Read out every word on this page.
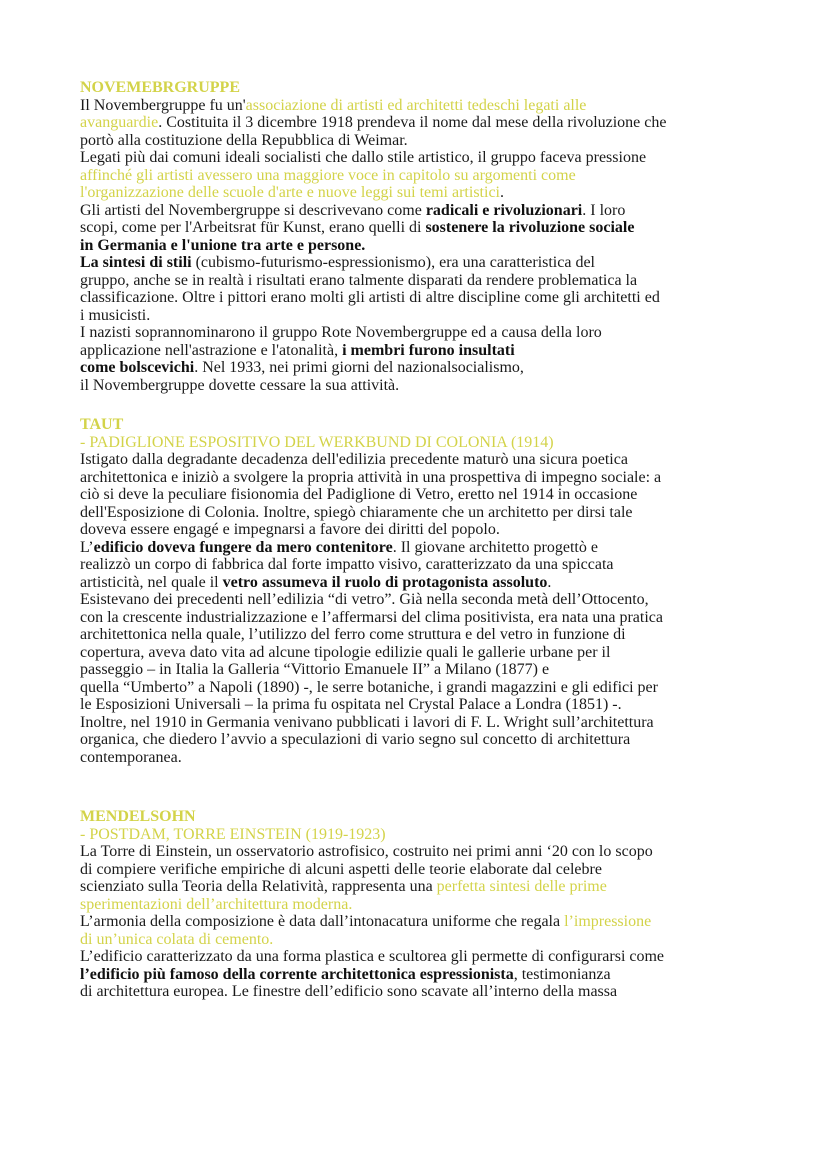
NOVEMEBRGRUPPE
Il Novembergruppe fu un'associazione di artisti ed architetti tedeschi legati alle
avanguardie. Costituita il 3 dicembre 1918 prendeva il nome dal mese della rivoluzione che
portò alla costituzione della Repubblica di Weimar.
Legati più dai comuni ideali socialisti che dallo stile artistico, il gruppo faceva pressione
affinché gli artisti avessero una maggiore voce in capitolo su argomenti come
l'organizzazione delle scuole d'arte e nuove leggi sui temi artistici.
Gli artisti del Novembergruppe si descrivevano come radicali e rivoluzionari. I loro
scopi, come per l'Arbeitsrat für Kunst, erano quelli di sostenere la rivoluzione sociale
in Germania e l'unione tra arte e persone.
La sintesi di stili (cubismo-futurismo-espressionismo), era una caratteristica del
gruppo, anche se in realtà i risultati erano talmente disparati da rendere problematica la
classificazione. Oltre i pittori erano molti gli artisti di altre discipline come gli architetti ed
i musicisti.
I nazisti soprannominarono il gruppo Rote Novembergruppe ed a causa della loro
applicazione nell'astrazione e l'atonalità, i membri furono insultati
come bolscevichi. Nel 1933, nei primi giorni del nazionalsocialismo,
il Novembergruppe dovette cessare la sua attività.
TAUT
- PADIGLIONE ESPOSITIVO DEL WERKBUND DI COLONIA (1914)
Istigato dalla degradante decadenza dell'edilizia precedente maturò una sicura poetica
architettonica e iniziò a svolgere la propria attività in una prospettiva di impegno sociale: a
ciò si deve la peculiare fisionomia del Padiglione di Vetro, eretto nel 1914 in occasione
dell'Esposizione di Colonia. Inoltre, spiegò chiaramente che un architetto per dirsi tale
doveva essere engagé e impegnarsi a favore dei diritti del popolo.
L’edificio doveva fungere da mero contenitore. Il giovane architetto progettò e
realizzò un corpo di fabbrica dal forte impatto visivo, caratterizzato da una spiccata
artisticità, nel quale il vetro assumeva il ruolo di protagonista assoluto.
Esistevano dei precedenti nell’edilizia “di vetro”. Già nella seconda metà dell’Ottocento,
con la crescente industrializzazione e l’affermarsi del clima positivista, era nata una pratica
architettonica nella quale, l’utilizzo del ferro come struttura e del vetro in funzione di
copertura, aveva dato vita ad alcune tipologie edilizie quali le gallerie urbane per il
passeggio – in Italia la Galleria “Vittorio Emanuele II” a Milano (1877) e
quella “Umberto” a Napoli (1890) -, le serre botaniche, i grandi magazzini e gli edifici per
le Esposizioni Universali – la prima fu ospitata nel Crystal Palace a Londra (1851) -.
Inoltre, nel 1910 in Germania venivano pubblicati i lavori di F. L. Wright sull’architettura
organica, che diedero l’avvio a speculazioni di vario segno sul concetto di architettura
contemporanea.
MENDELSOHN
- POSTDAM, TORRE EINSTEIN (1919-1923)
La Torre di Einstein, un osservatorio astrofisico, costruito nei primi anni ‘20 con lo scopo
di compiere verifiche empiriche di alcuni aspetti delle teorie elaborate dal celebre
scienziato sulla Teoria della Relatività, rappresenta una perfetta sintesi delle prime
sperimentazioni dell’architettura moderna.
L’armonia della composizione è data dall’intonacatura uniforme che regala l’impressione
di un’unica colata di cemento.
L’edificio caratterizzato da una forma plastica e scultorea gli permette di configurarsi come
l’edificio più famoso della corrente architettonica espressionista, testimonianza
di architettura europea. Le finestre dell’edificio sono scavate all’interno della massa
